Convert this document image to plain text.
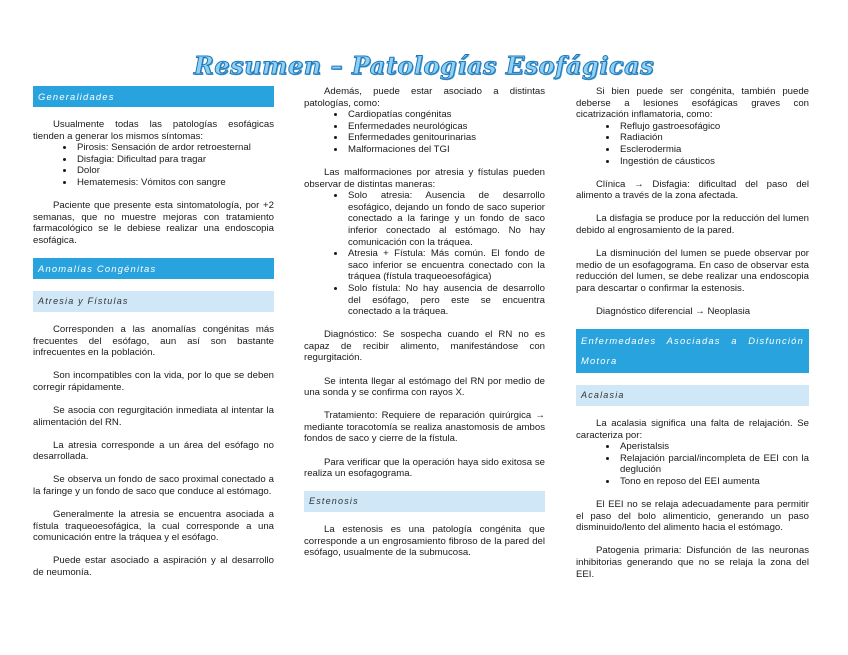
Resumen – Patologías Esofágicas
Generalidades

Usualmente todas las patologías esofágicas tienden a generar los mismos síntomas:

• Pirosis: Sensación de ardor retroesternal
• Disfagia: Dificultad para tragar
• Dolor
• Hematemesis: Vómitos con sangre

Paciente que presente esta sintomatología, por +2 semanas, que no muestre mejoras con tratamiento farmacológico se le debiese realizar una endoscopia esofágica.

Anomalías Congénitas
Atresia y Fístulas

Corresponden a las anomalías congénitas más frecuentes del esófago, aun así son bastante infrecuentes en la población.

Son incompatibles con la vida, por lo que se deben corregir rápidamente.

Se asocia con regurgitación inmediata al intentar la alimentación del RN.

La atresia corresponde a un área del esófago no desarrollada.

Se observa un fondo de saco proximal conectado a la faringe y un fondo de saco que conduce al estómago.

Generalmente la atresia se encuentra asociada a fístula traqueoesofágica, la cual corresponde a una comunicación entre la tráquea y el esófago.

Puede estar asociado a aspiración y al desarrollo de neumonía.

Además, puede estar asociado a distintas patologías, como:

• Cardiopatías congénitas
• Enfermedades neurológicas
• Enfermedades genitourinarias
• Malformaciones del TGI

Las malformaciones por atresia y fístulas pueden observar de distintas maneras:

• Solo atresia: Ausencia de desarrollo esofágico, dejando un fondo de saco superior conectado a la faringe y un fondo de saco inferior conectado al estómago. No hay comunicación con la tráquea.
• Atresia + Fístula: Más común. El fondo de saco inferior se encuentra conectado con la tráquea (fístula traqueoesofágica)
• Solo fístula: No hay ausencia de desarrollo del esófago, pero este se encuentra conectado a la tráquea.

Diagnóstico: Se sospecha cuando el RN no es capaz de recibir alimento, manifestándose con regurgitación.

Se intenta llegar al estómago del RN por medio de una sonda y se confirma con rayos X.

Tratamiento: Requiere de reparación quirúrgica → mediante toracotomía se realiza anastomosis de ambos fondos de saco y cierre de la fístula.

Para verificar que la operación haya sido exitosa se realiza un esofagograma.

Estenosis

La estenosis es una patología congénita que corresponde a un engrosamiento fibroso de la pared del esófago, usualmente de la submucosa.

Si bien puede ser congénita, también puede deberse a lesiones esofágicas graves con cicatrización inflamatoria, como:

• Reflujo gastroesofágico
• Radiación
• Esclerodermia
• Ingestión de cáusticos

Clínica → Disfagia: dificultad del paso del alimento a través de la zona afectada.

La disfagia se produce por la reducción del lumen debido al engrosamiento de la pared.

La disminución del lumen se puede observar por medio de un esofagograma. En caso de observar esta reducción del lumen, se debe realizar una endoscopia para descartar o confirmar la estenosis.

Diagnóstico diferencial → Neoplasia

Enfermedades Asociadas a Disfunción Motora
Acalasia

La acalasia significa una falta de relajación. Se caracteriza por:

• Aperistalsis
• Relajación parcial/incompleta de EEI con la deglución
• Tono en reposo del EEI aumenta

El EEI no se relaja adecuadamente para permitir el paso del bolo alimenticio, generando un paso disminuido/lento del alimento hacia el estómago.

Patogenia primaria: Disfunción de las neuronas inhibitorias generando que no se relaja la zona del EEI.
